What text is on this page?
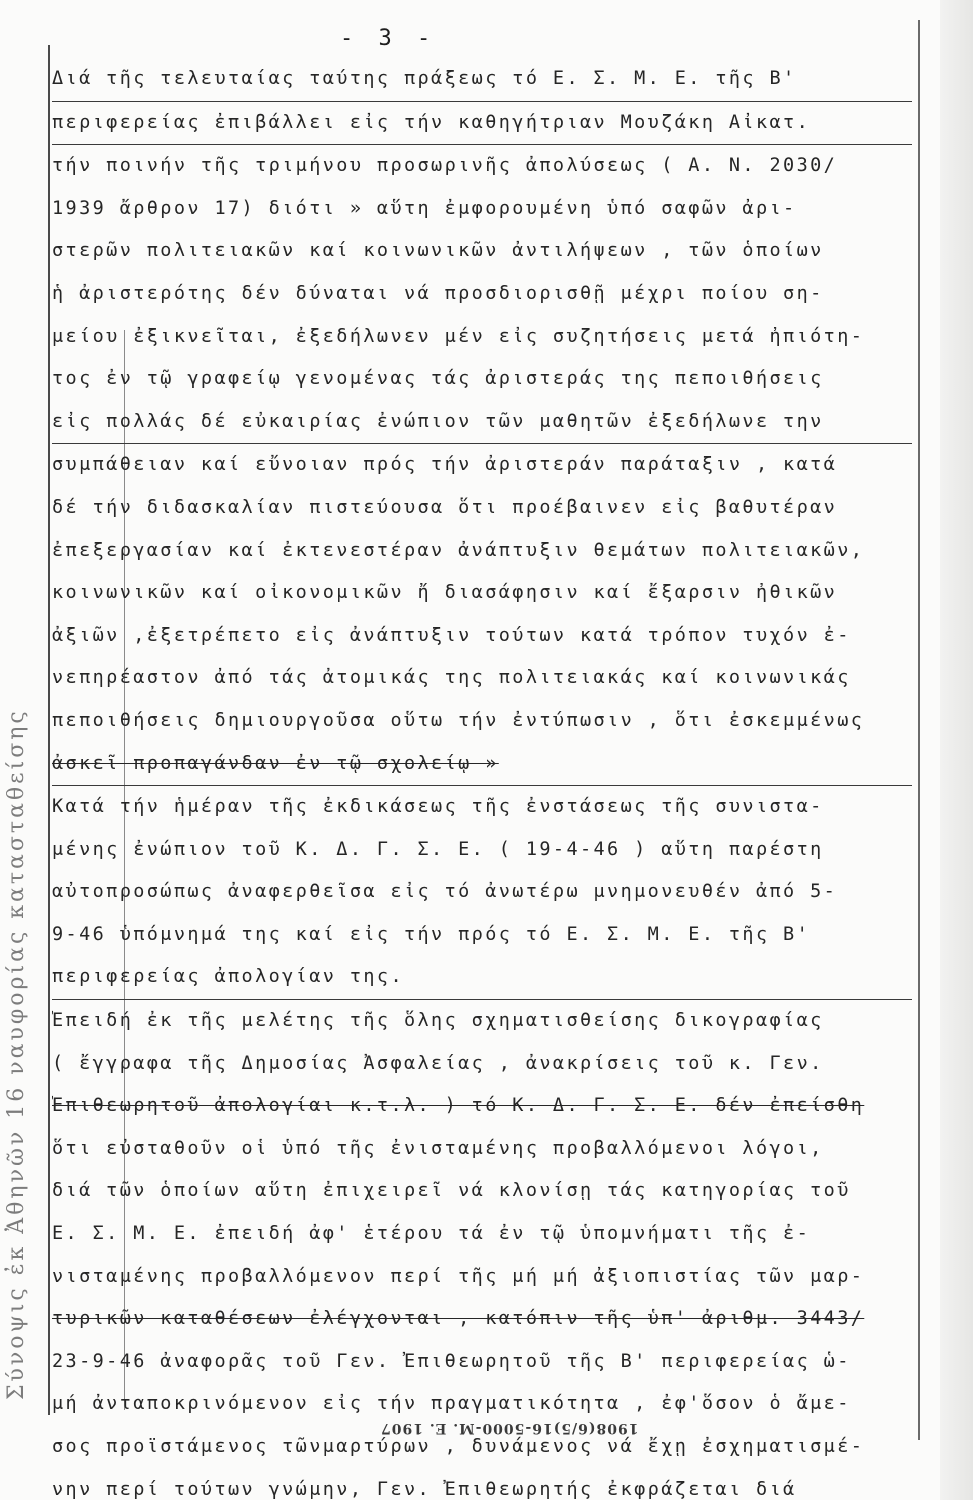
- 3 -
Διά τῆς τελευταίας ταύτης πράξεως τό Ε. Σ. Μ. Ε. τῆς Β'
περιφερείας ἐπιβάλλει εἰς τήν καθηγήτριαν Μουζάκη Αἰκατ.
τήν ποινήν τῆς τριμήνου προσωρινῆς ἀπολύσεως ( Α. Ν. 2030/
1939 ἄρθρον 17) διότι » αὕτη ἐμφορουμένη ὑπό σαφῶν ἀρι-
στερῶν πολιτειακῶν καί κοινωνικῶν ἀντιλήψεων , τῶν ὁποίων
ἡ ἀριστερότης δέν δύναται νά προσδιορισθῇ μέχρι ποίου ση-
μείου ἐξικνεῖται, ἐξεδήλωνεν μέν εἰς συζητήσεις μετά ἠπιότη-
τος ἐν τῷ γραφείῳ γενομένας τάς ἀριστεράς της πεποιθήσεις
εἰς πολλάς δέ εὐκαιρίας ἐνώπιον τῶν μαθητῶν ἐξεδήλωνε την
συμπάθειαν καί εὔνοιαν πρός τήν ἀριστεράν παράταξιν , κατά
δέ τήν διδασκαλίαν πιστεύουσα ὅτι προέβαινεν εἰς βαθυτέραν
ἐπεξεργασίαν καί ἐκτενεστέραν ἀνάπτυξιν θεμάτων πολιτειακῶν,
κοινωνικῶν καί οἰκονομικῶν ἤ διασάφησιν καί ἔξαρσιν ἠθικῶν
ἀξιῶν ,ἐξετρέπετο εἰς ἀνάπτυξιν τούτων κατά τρόπον τυχόν ἐ-
νεπηρέαστον ἀπό τάς ἀτομικάς της πολιτειακάς καί κοινωνικάς
πεποιθήσεις δημιουργοῦσα οὕτω τήν ἐντύπωσιν , ὅτι ἐσκεμμένως
ἀσκεῖ προπαγάνδαν ἐν τῷ σχολείῳ »
Κατά τήν ἡμέραν τῆς ἐκδικάσεως τῆς ἐνστάσεως τῆς συνιστα-
μένης ἐνώπιον τοῦ Κ. Δ. Γ. Σ. Ε. ( 19-4-46 ) αὕτη παρέστη
αὐτοπροσώπως ἀναφερθεῖσα εἰς τό ἀνωτέρω μνημονευθέν ἀπό 5-
9-46 ὑπόμνημά της καί εἰς τήν πρός τό Ε. Σ. Μ. Ε. τῆς Β'
περιφερείας ἀπολογίαν της.
Ἐπειδή ἐκ τῆς μελέτης τῆς ὅλης σχηματισθείσης δικογραφίας
( ἔγγραφα τῆς Δημοσίας Ἀσφαλείας , ἀνακρίσεις τοῦ κ. Γεν.
Ἐπιθεωρητοῦ ἀπολογίαι κ.τ.λ. ) τό Κ. Δ. Γ. Σ. Ε. δέν ἐπείσθη
ὅτι εὐσταθοῦν οἱ ὑπό τῆς ἐνισταμένης προβαλλόμενοι λόγοι,
διά τῶν ὁποίων αὕτη ἐπιχειρεῖ νά κλονίσῃ τάς κατηγορίας τοῦ
Ε. Σ. Μ. Ε. ἐπειδή ἀφ' ἑτέρου τά ἐν τῷ ὑπομνήματι τῆς ἐ-
νισταμένης προβαλλόμενον περί τῆς μή μή ἀξιοπιστίας τῶν μαρ-
τυρικῶν καταθέσεων ἐλέγχονται , κατόπιν τῆς ὑπ' ἀριθμ. 3443/
23-9-46 ἀναφορᾶς τοῦ Γεν. Ἐπιθεωρητοῦ τῆς Β' περιφερείας ὡ-
μή ἀνταποκρινόμενον εἰς τήν πραγματικότητα , ἐφ'ὅσον ὁ ἄμε-
σος προϊστάμενος τῶνμαρτύρων , δυνάμενος νά ἔχῃ ἐσχηματισμέ-
νην περί τούτων γνώμην, Γεν. Ἐπιθεωρητής ἐκφράζεται διά
Σύνοψις ἐκ Ἀθηνῶν 16 ναυφορίας κατασταθείσης
1908(6/5)16-5000-Μ. Ε. 1907
